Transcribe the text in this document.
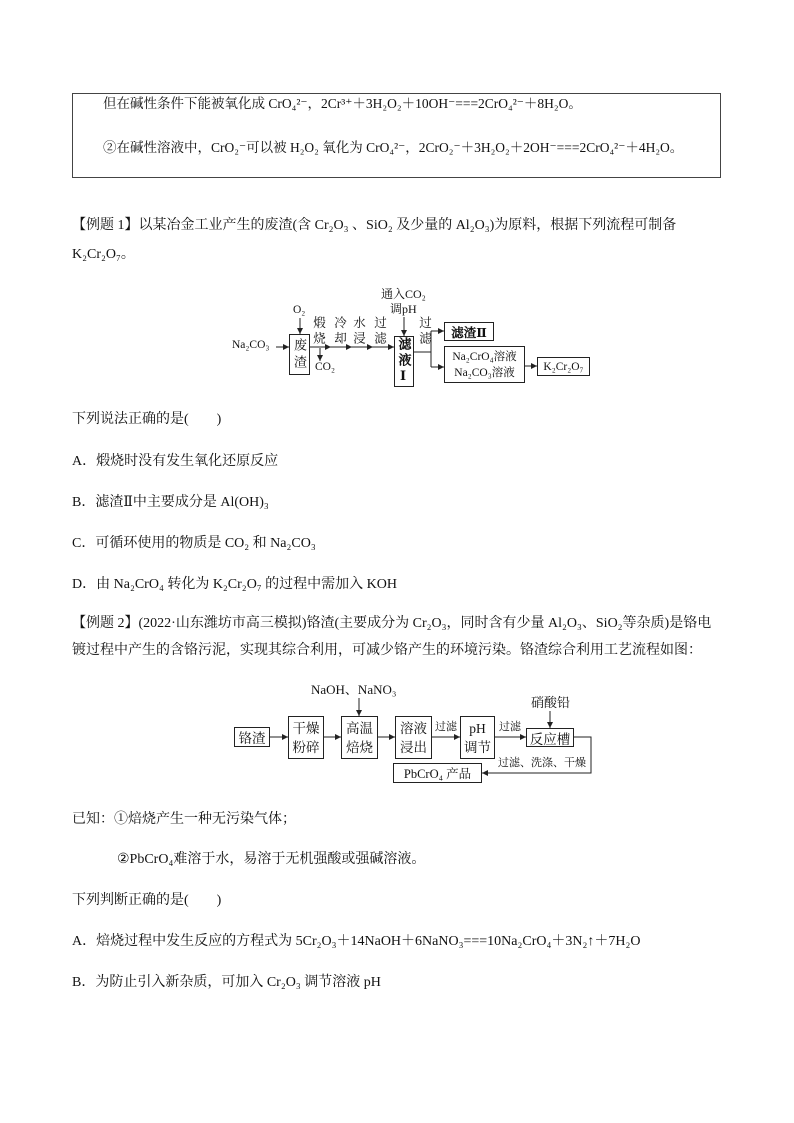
但在碱性条件下能被氧化成 CrO₄²⁻，2Cr³⁺＋3H₂O₂＋10OH⁻===2CrO₄²⁻＋8H₂O。
②在碱性溶液中，CrO₂⁻可以被 H₂O₂ 氧化为 CrO₄²⁻，2CrO₂⁻＋3H₂O₂＋2OH⁻===2CrO₄²⁻＋4H₂O。
【例题 1】以某冶金工业产生的废渣(含 Cr₂O₃ 、SiO₂ 及少量的 Al₂O₃)为原料，根据下列流程可制备
K₂Cr₂O₇。
Na₂CO₃
O₂
废渣
煅烧 冷却 水浸 过滤
CO₂
通入CO₂
调pH
滤液Ⅰ
过滤 滤渣Ⅱ
Na₂CrO₄溶液
Na₂CO₃溶液 K₂Cr₂O₇
下列说法正确的是(　　)
A．煅烧时没有发生氧化还原反应
B．滤渣Ⅱ中主要成分是 Al(OH)₃
C．可循环使用的物质是 CO₂ 和 Na₂CO₃
D．由 Na₂CrO₄ 转化为 K₂Cr₂O₇ 的过程中需加入 KOH
【例题 2】(2022·山东潍坊市高三模拟)铬渣(主要成分为 Cr₂O₃，同时含有少量 Al₂O₃、SiO₂等杂质)是铬电
镀过程中产生的含铬污泥，实现其综合利用，可减少铬产生的环境污染。铬渣综合利用工艺流程如图：
NaOH、NaNO₃
铬渣
干燥
粉碎
高温
焙烧
溶液
浸出
过滤 pH
调节
过滤
硝酸铅
反应槽
过滤、洗涤、干燥
PbCrO₄ 产品
已知：①焙烧产生一种无污染气体；
②PbCrO₄难溶于水，易溶于无机强酸或强碱溶液。
下列判断正确的是(　　)
A．焙烧过程中发生反应的方程式为 5Cr₂O₃＋14NaOH＋6NaNO₃===10Na₂CrO₄＋3N₂↑＋7H₂O
B．为防止引入新杂质，可加入 Cr₂O₃ 调节溶液 pH
